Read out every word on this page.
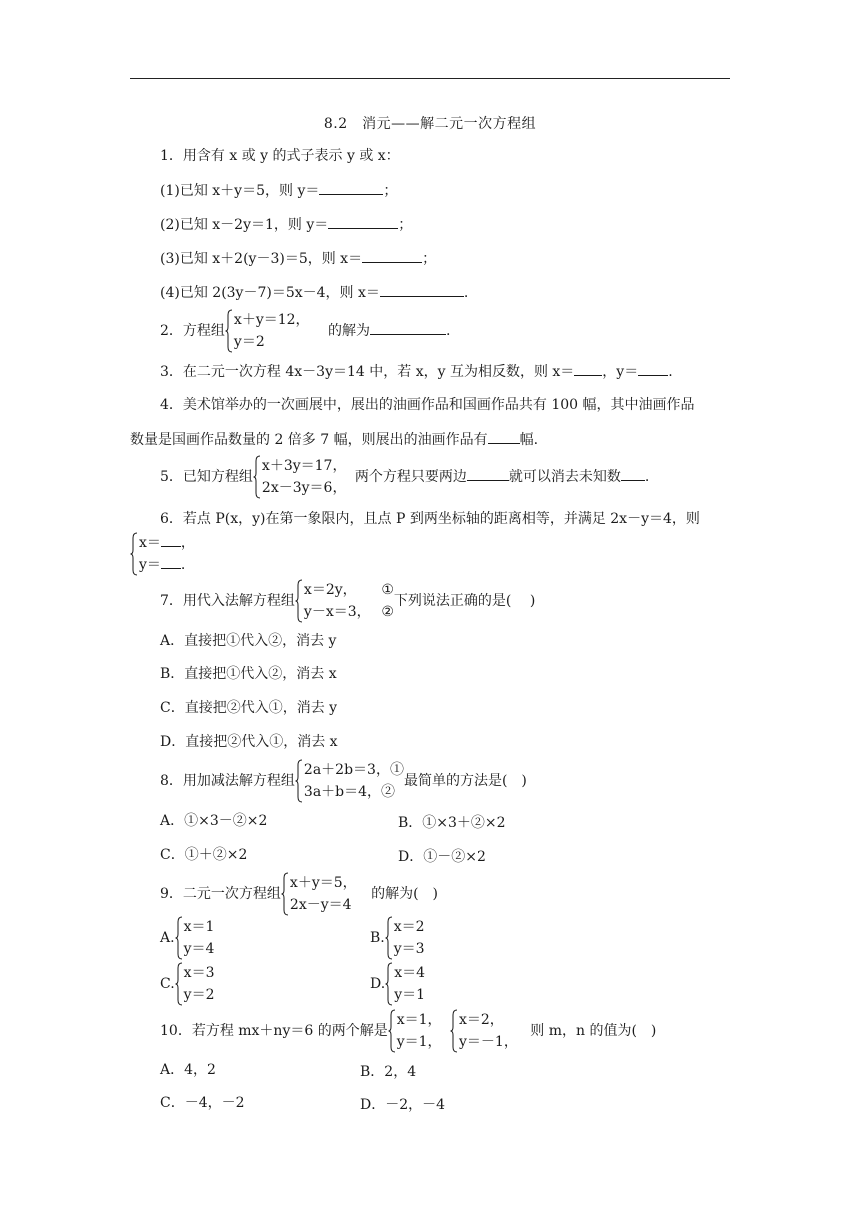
8.2　消元——解二元一次方程组
1．用含有 x 或 y 的式子表示 y 或 x：
(1)已知 x＋y＝5，则 y＝	；
(2)已知 x－2y＝1，则 y＝	；
(3)已知 x＋2(y－3)＝5，则 x＝	；
(4)已知 2(3y－7)＝5x－4，则 x＝	.
2．方程组
x＋y＝12，
y＝2
的解为	.
3．在二元一次方程 4x－3y＝14 中，若 x，y 互为相反数，则 x＝ ，y＝ .
4．美术馆举办的一次画展中，展出的油画作品和国画作品共有 100 幅，其中油画作品
数量是国画作品数量的 2 倍多 7 幅，则展出的油画作品有 幅.
5．已知方程组
x＋3y＝17，
2x－3y＝6，
两个方程只要两边	就可以消去未知数 .
6．若点 P(x，y)在第一象限内，且点 P 到两坐标轴的距离相等，并满足 2x－y＝4，则
x＝ ，
y＝ .
7．用代入法解方程组
x＝2y， ①
y－x＝3， ②
下列说法正确的是(　 )
A．直接把①代入②，消去 y
B．直接把①代入②，消去 x
C．直接把②代入①，消去 y
D．直接把②代入①，消去 x
8．用加减法解方程组
2a＋2b＝3，①
3a＋b＝4，②
最简单的方法是(　)
A．①×3－②×2	B．①×3＋②×2
C．①＋②×2	D．①－②×2
9．二元一次方程组
x＋y＝5，
2x－y＝4
的解为(　)
A.
x＝1
y＝4
B.
x＝2
y＝3
C.
x＝3
y＝2
D.
x＝4
y＝1
10．若方程 mx＋ny＝6 的两个解是
x＝1，
y＝1，

x＝2，
y＝－1，
则 m，n 的值为(　)
A．4，2	B．2，4
C．－4，－2	D．－2，－4
